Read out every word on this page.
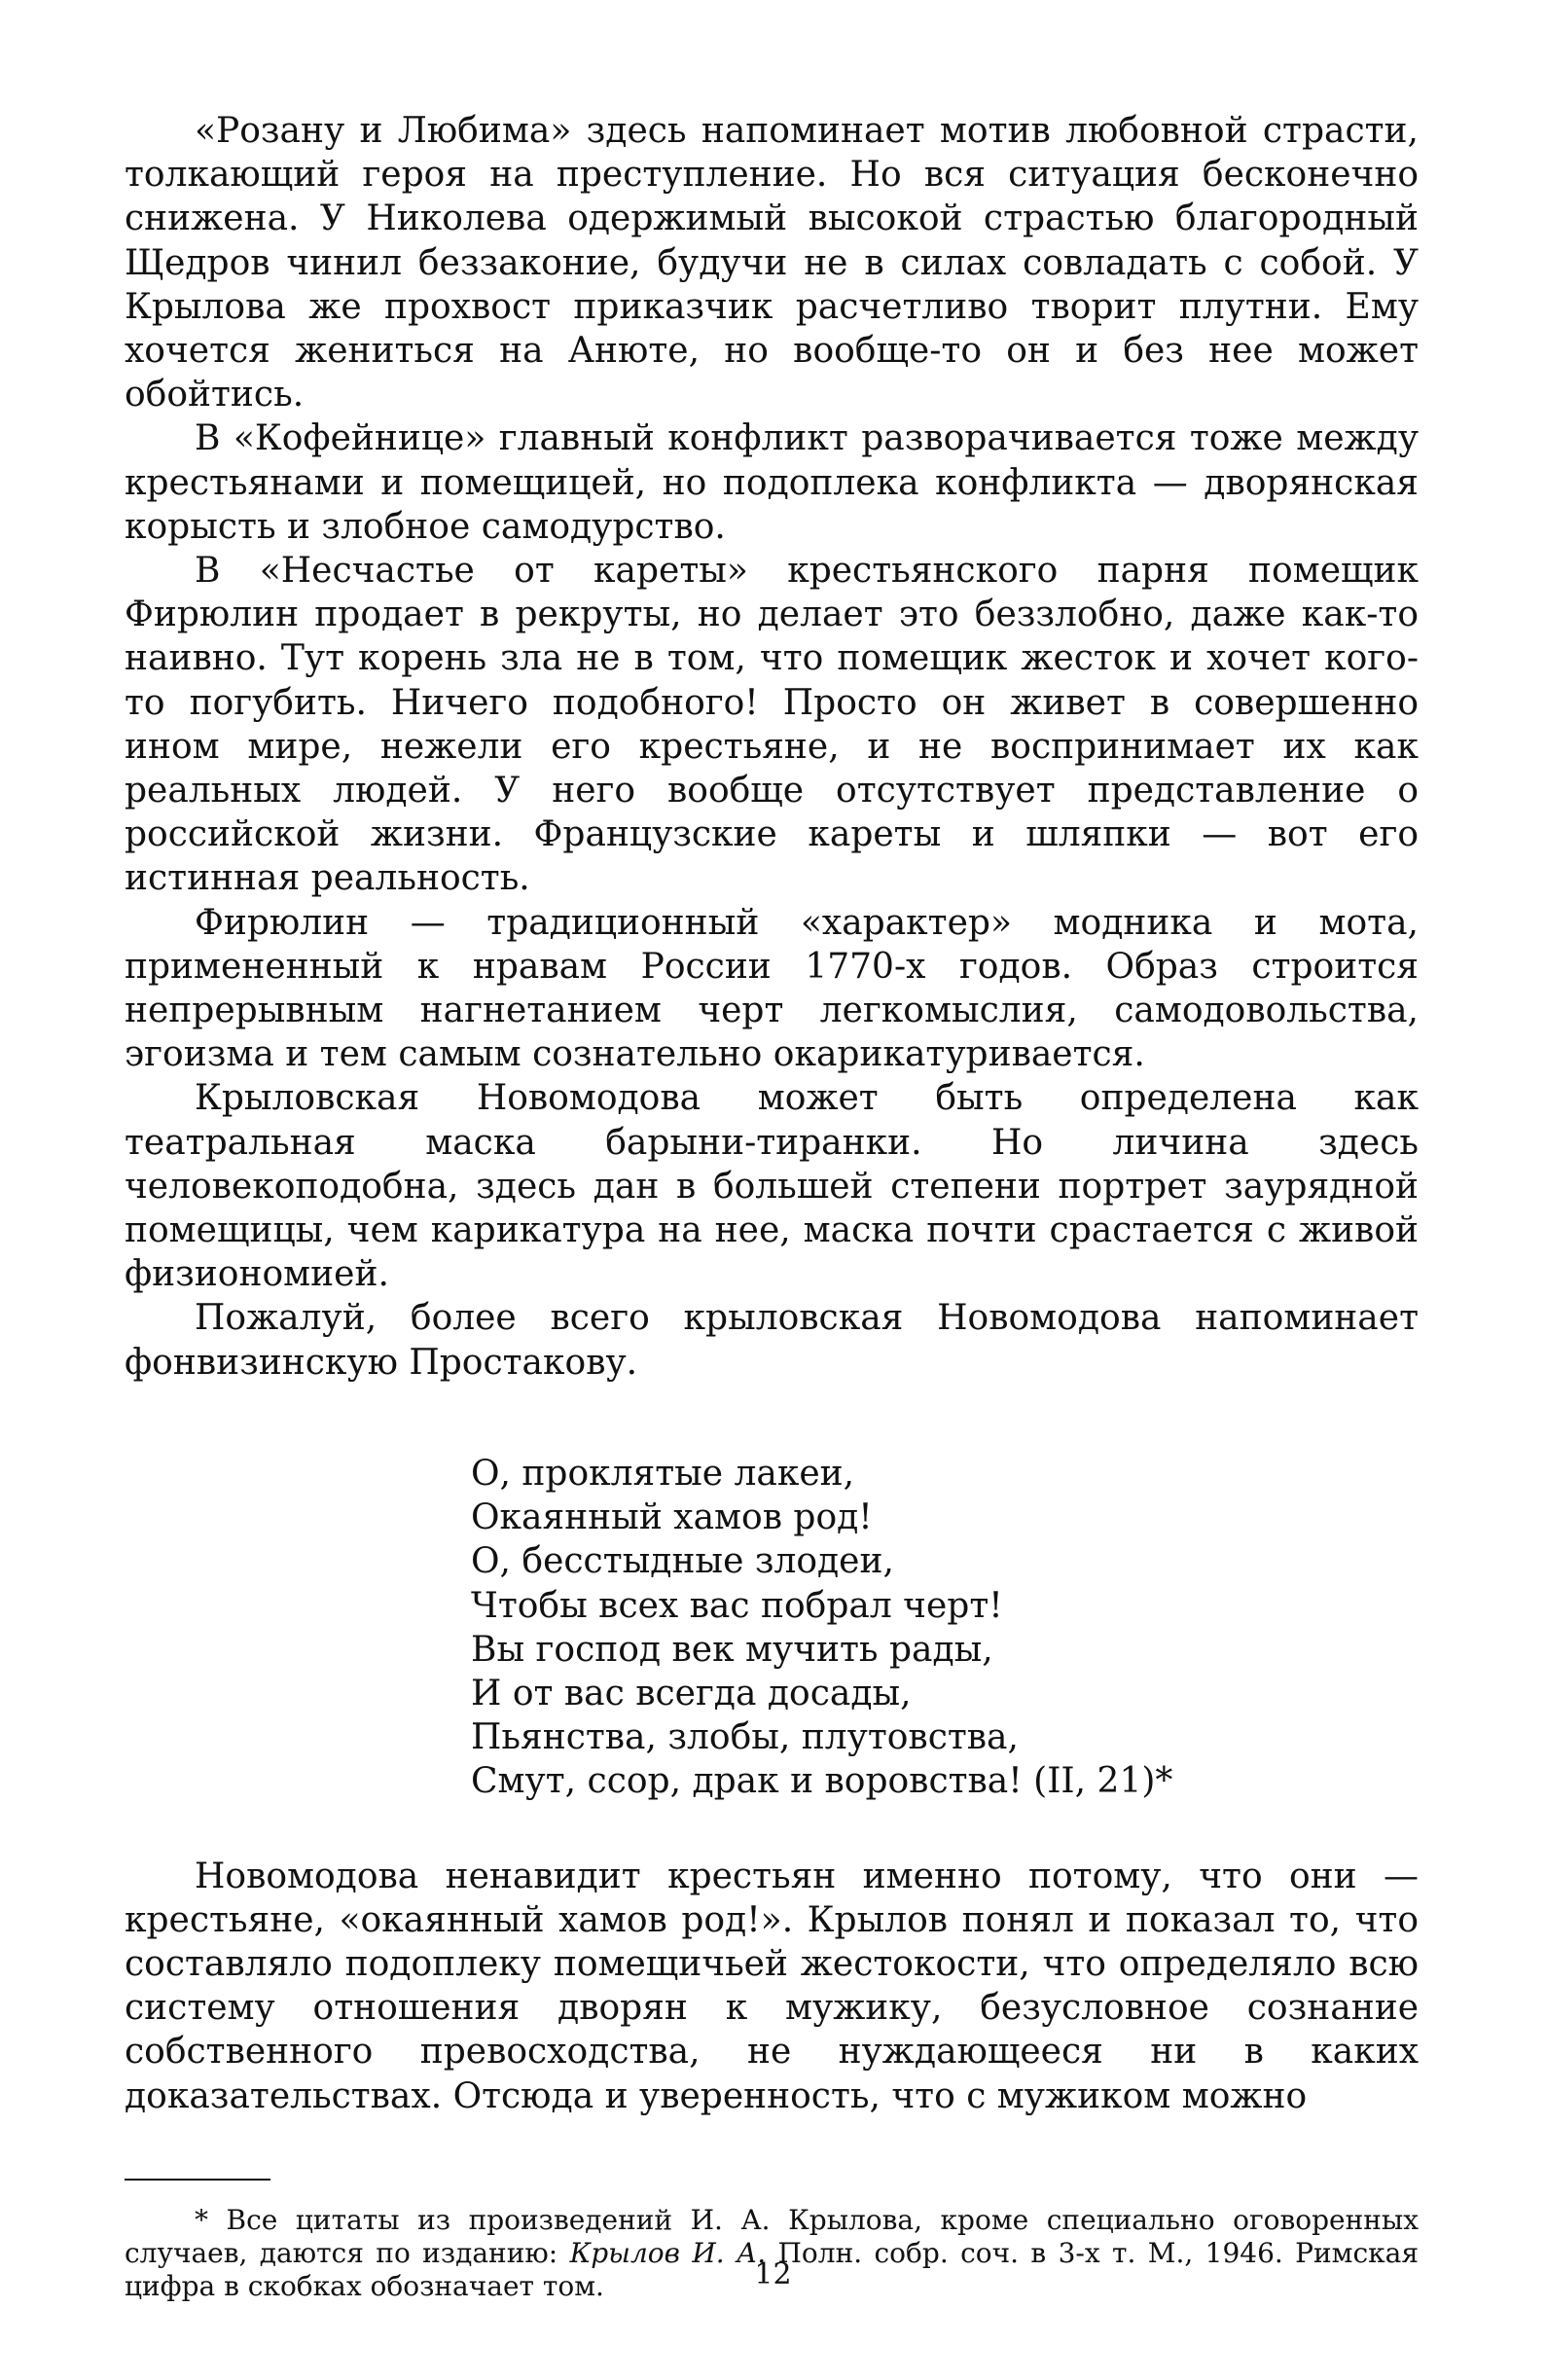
«Розану и Любима» здесь напоминает мотив любовной страсти, толкающий героя на преступление. Но вся ситуация бесконечно снижена. У Николева одержимый высокой страстью благородный Щедров чинил беззаконие, будучи не в силах совладать с собой. У Крылова же прохвост приказчик расчетливо творит плутни. Ему хочется жениться на Анюте, но вообще-то он и без нее может обойтись.

В «Кофейнице» главный конфликт разворачивается тоже между крестьянами и помещицей, но подоплека конфликта — дворянская корысть и злобное самодурство.

В «Несчастье от кареты» крестьянского парня помещик Фирюлин продает в рекруты, но делает это беззлобно, даже как-то наивно. Тут корень зла не в том, что помещик жесток и хочет кого-то погубить. Ничего подобного! Просто он живет в совершенно ином мире, нежели его крестьяне, и не воспринимает их как реальных людей. У него вообще отсутствует представление о российской жизни. Французские кареты и шляпки — вот его истинная реальность.

Фирюлин — традиционный «характер» модника и мота, примененный к нравам России 1770-х годов. Образ строится непрерывным нагнетанием черт легкомыслия, самодовольства, эгоизма и тем самым сознательно окарикатуривается.

Крыловская Новомодова может быть определена как театральная маска барыни-тиранки. Но личина здесь человекоподобна, здесь дан в большей степени портрет заурядной помещицы, чем карикатура на нее, маска почти срастается с живой физиономией.

Пожалуй, более всего крыловская Новомодова напоминает фонвизинскую Простакову.

О, проклятые лакеи,
Окаянный хамов род!
О, бесстыдные злодеи,
Чтобы всех вас побрал черт!
Вы господ век мучить рады,
И от вас всегда досады,
Пьянства, злобы, плутовства,
Смут, ссор, драк и воровства! (II, 21)*

Новомодова ненавидит крестьян именно потому, что они — крестьяне, «окаянный хамов род!». Крылов понял и показал то, что составляло подоплеку помещичьей жестокости, что определяло всю систему отношения дворян к мужику, безусловное сознание собственного превосходства, не нуждающееся ни в каких доказательствах. Отсюда и уверенность, что с мужиком можно

* Все цитаты из произведений И. А. Крылова, кроме специально оговоренных случаев, даются по изданию: Крылов И. А. Полн. собр. соч. в 3-х т. М., 1946. Римская цифра в скобках обозначает том.	12
